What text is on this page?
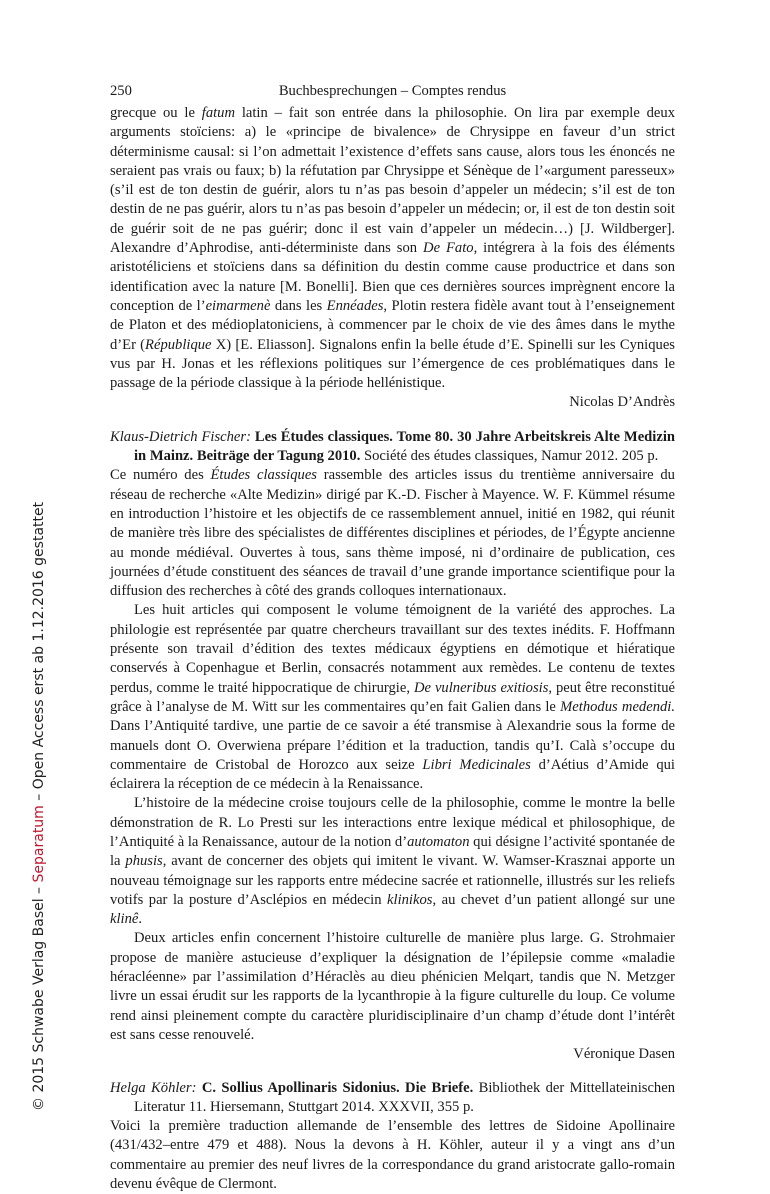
250	Buchbesprechungen – Comptes rendus

grecque ou le fatum latin – fait son entrée dans la philosophie. On lira par exemple deux arguments stoïciens: a) le «principe de bivalence» de Chrysippe en faveur d’un strict déterminisme causal: si l’on admettait l’existence d’effets sans cause, alors tous les énoncés ne seraient pas vrais ou faux; b) la réfutation par Chrysippe et Sénèque de l’«argument paresseux» (s’il est de ton destin de guérir, alors tu n’as pas besoin d’appeler un médecin; s’il est de ton destin de ne pas guérir, alors tu n’as pas besoin d’appeler un médecin; or, il est de ton destin soit de guérir soit de ne pas guérir; donc il est vain d’appeler un médecin…) [J. Wildberger]. Alexandre d’Aphrodise, anti-déterministe dans son De Fato, intégrera à la fois des éléments aristotéliciens et stoïciens dans sa définition du destin comme cause productrice et dans son identification avec la nature [M. Bonelli]. Bien que ces dernières sources imprègnent encore la conception de l’eimarmenè dans les Ennéades, Plotin restera fidèle avant tout à l’enseignement de Platon et des médioplatoniciens, à commencer par le choix de vie des âmes dans le mythe d’Er (République X) [E. Eliasson]. Signalons enfin la belle étude d’E. Spinelli sur les Cyniques vus par H. Jonas et les réflexions politiques sur l’émergence de ces problématiques dans le passage de la période classique à la période hellénistique.

Nicolas D’Andrès

Klaus-Dietrich Fischer: Les Études classiques. Tome 80. 30 Jahre Arbeitskreis Alte Medizin in Mainz. Beiträge der Tagung 2010. Société des études classiques, Namur 2012. 205 p.

Ce numéro des Études classiques rassemble des articles issus du trentième anniversaire du réseau de recherche «Alte Medizin» dirigé par K.-D. Fischer à Mayence. W. F. Kümmel résume en introduction l’histoire et les objectifs de ce rassemblement annuel, initié en 1982, qui réunit de manière très libre des spécialistes de différentes disciplines et périodes, de l’Égypte ancienne au monde médiéval. Ouvertes à tous, sans thème imposé, ni d’ordinaire de publication, ces journées d’étude constituent des séances de travail d’une grande importance scientifique pour la diffusion des recherches à côté des grands colloques internationaux.

Les huit articles qui composent le volume témoignent de la variété des approches. La philologie est représentée par quatre chercheurs travaillant sur des textes inédits. F. Hoffmann présente son travail d’édition des textes médicaux égyptiens en démotique et hiératique conservés à Copenhague et Berlin, consacrés notamment aux remèdes. Le contenu de textes perdus, comme le traité hippocratique de chirurgie, De vulneribus exitiosis, peut être reconstitué grâce à l’analyse de M. Witt sur les commentaires qu’en fait Galien dans le Methodus medendi. Dans l’Antiquité tardive, une partie de ce savoir a été transmise à Alexandrie sous la forme de manuels dont O. Overwiena prépare l’édition et la traduction, tandis qu’I. Calà s’occupe du commentaire de Cristobal de Horozco aux seize Libri Medicinales d’Aétius d’Amide qui éclairera la réception de ce médecin à la Renaissance.

L’histoire de la médecine croise toujours celle de la philosophie, comme le montre la belle démonstration de R. Lo Presti sur les interactions entre lexique médical et philosophique, de l’Antiquité à la Renaissance, autour de la notion d’automaton qui désigne l’activité spontanée de la phusis, avant de concerner des objets qui imitent le vivant. W. Wamser-Krasznai apporte un nouveau témoignage sur les rapports entre médecine sacrée et rationnelle, illustrés sur les reliefs votifs par la posture d’Asclépios en médecin klinikos, au chevet d’un patient allongé sur une klinê.

Deux articles enfin concernent l’histoire culturelle de manière plus large. G. Strohmaier propose de manière astucieuse d’expliquer la désignation de l’épilepsie comme «maladie héracléenne» par l’assimilation d’Héraclès au dieu phénicien Melqart, tandis que N. Metzger livre un essai érudit sur les rapports de la lycanthropie à la figure culturelle du loup. Ce volume rend ainsi pleinement compte du caractère pluridisciplinaire d’un champ d’étude dont l’intérêt est sans cesse renouvelé.

Véronique Dasen

Helga Köhler: C. Sollius Apollinaris Sidonius. Die Briefe. Bibliothek der Mittellateinischen Literatur 11. Hiersemann, Stuttgart 2014. XXXVII, 355 p.

Voici la première traduction allemande de l’ensemble des lettres de Sidoine Apollinaire (431/432–entre 479 et 488). Nous la devons à H. Köhler, auteur il y a vingt ans d’un commentaire au premier des neuf livres de la correspondance du grand aristocrate gallo-romain devenu évêque de Clermont.

© 2015 Schwabe Verlag Basel – Separatum – Open Access erst ab 1.12.2016 gestattet
